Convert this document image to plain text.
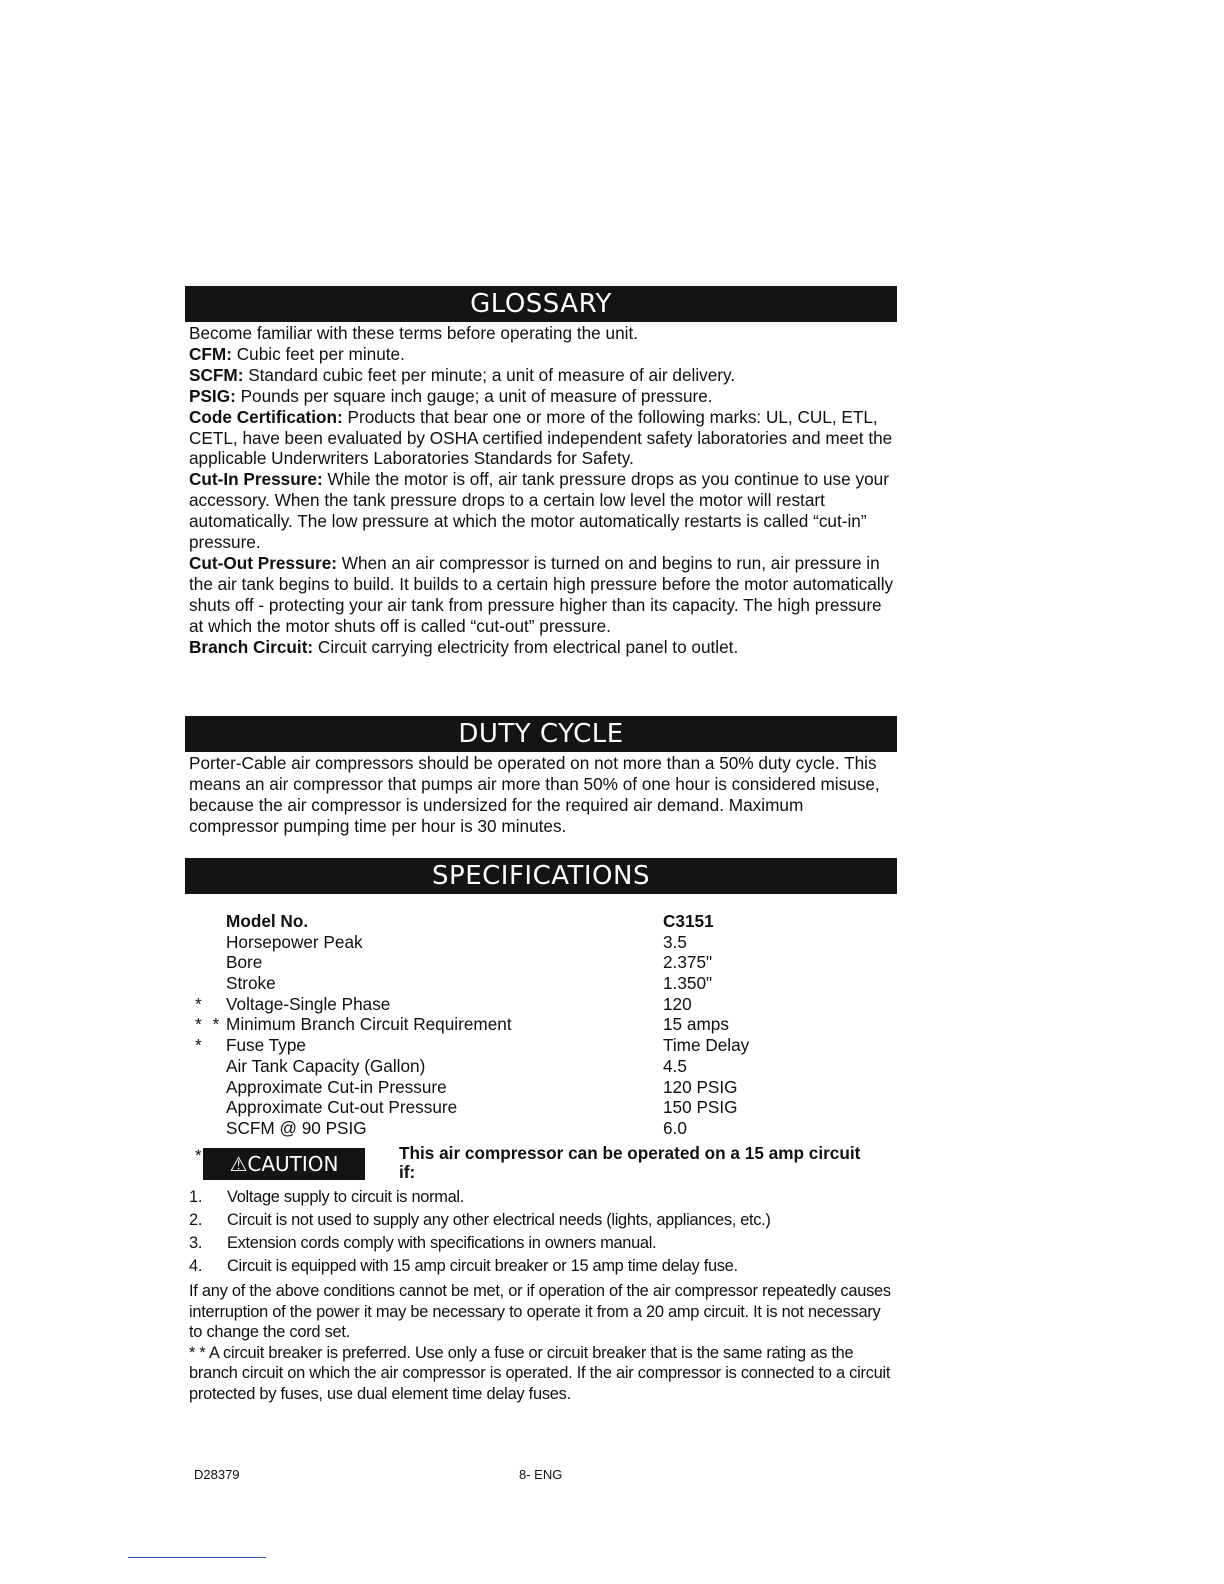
GLOSSARY

Become familiar with these terms before operating the unit.

CFM: Cubic feet per minute.

SCFM: Standard cubic feet per minute; a unit of measure of air delivery.

PSIG: Pounds per square inch gauge; a unit of measure of pressure.

Code Certification: Products that bear one or more of the following marks: UL, CUL, ETL, CETL, have been evaluated by OSHA certified independent safety laboratories and meet the applicable Underwriters Laboratories Standards for Safety.

Cut-In Pressure: While the motor is off, air tank pressure drops as you continue to use your accessory. When the tank pressure drops to a certain low level the motor will restart automatically. The low pressure at which the motor automatically restarts is called “cut-in” pressure.

Cut-Out Pressure: When an air compressor is turned on and begins to run, air pressure in the air tank begins to build. It builds to a certain high pressure before the motor automatically shuts off - protecting your air tank from pressure higher than its capacity. The high pressure at which the motor shuts off is called “cut-out” pressure.

Branch Circuit: Circuit carrying electricity from electrical panel to outlet.

DUTY CYCLE

Porter-Cable air compressors should be operated on not more than a 50% duty cycle. This means an air compressor that pumps air more than 50% of one hour is considered misuse, because the air compressor is undersized for the required air demand. Maximum compressor pumping time per hour is 30 minutes.

SPECIFICATIONS
Model No.	C3151
Horsepower Peak	3.5
Bore	2.375"
Stroke	1.350"
* Voltage-Single Phase	120
* * Minimum Branch Circuit Requirement	15 amps
* Fuse Type	Time Delay
Air Tank Capacity (Gallon)	4.5
Approximate Cut-in Pressure	120 PSIG
Approximate Cut-out Pressure	150 PSIG
SCFM @ 90 PSIG	6.0
*	⚠CAUTION	This air compressor can be operated on a 15 amp circuit if:
1. Voltage supply to circuit is normal.
2. Circuit is not used to supply any other electrical needs (lights, appliances, etc.)
3. Extension cords comply with specifications in owners manual.
4. Circuit is equipped with 15 amp circuit breaker or 15 amp time delay fuse.

If any of the above conditions cannot be met, or if operation of the air compressor repeatedly causes interruption of the power it may be necessary to operate it from a 20 amp circuit. It is not necessary to change the cord set.

* * A circuit breaker is preferred. Use only a fuse or circuit breaker that is the same rating as the branch circuit on which the air compressor is operated. If the air compressor is connected to a circuit protected by fuses, use dual element time delay fuses.

D28379	8- ENG
